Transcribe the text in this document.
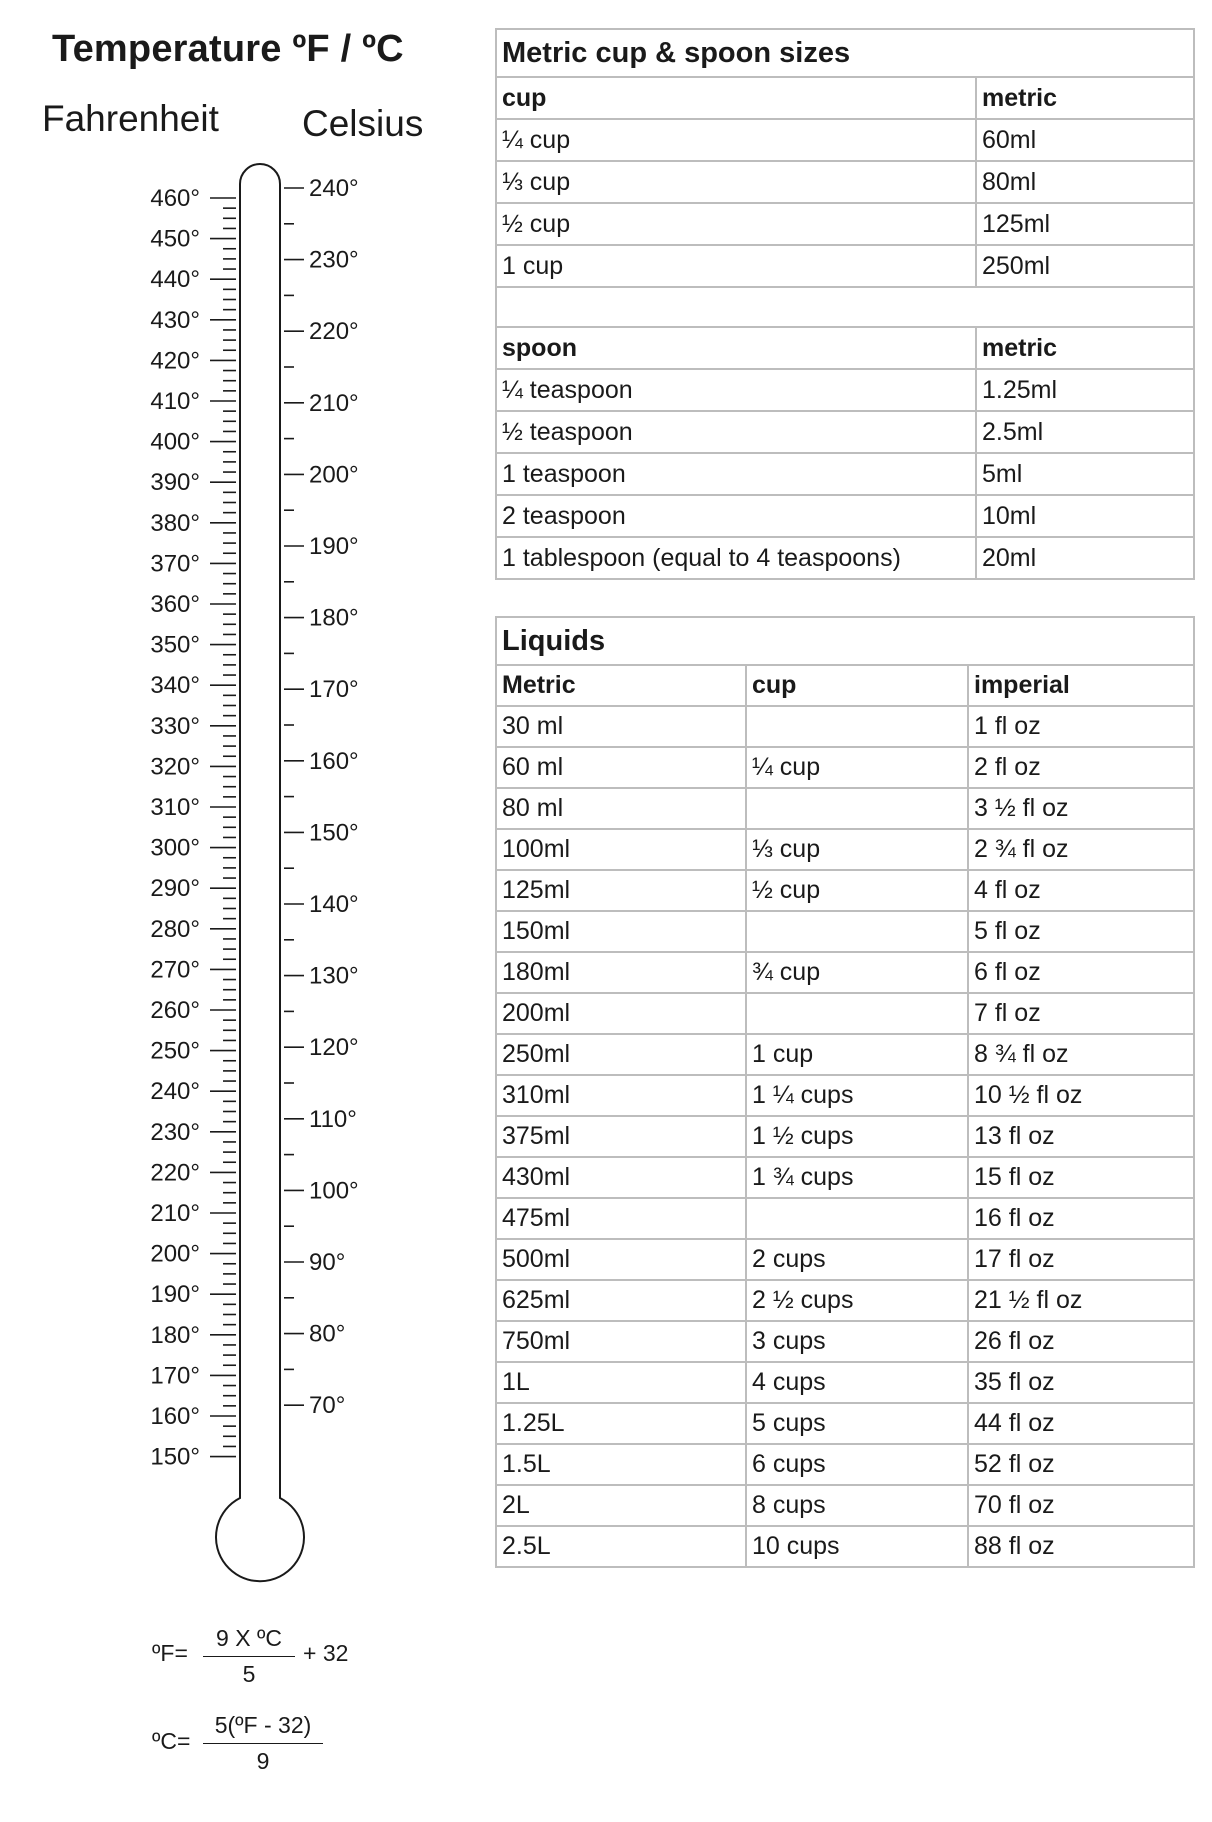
Temperature ºF / ºC
Fahrenheit Celsius
460°
450°
440°
430°
420°
410°
400°
390°
380°
370°
360°
350°
340°
330°
320°
310°
300°
290°
280°
270°
260°
250°
240°
230°
220°
210°
200°
190°
180°
170°
160°
150°
240°
230°
220°
210°
200°
190°
180°
170°
160°
150°
140°
130°
120°
110°
100°
90°
80°
70°
ºF= $\frac{\text{9 X ºC}}{5} + 32$
ºC= $\frac{\text{5(ºF - 32)}}{9}$
Metric cup & spoon sizes	
cup	metric
¼ cup	60ml
⅓ cup	80ml
½ cup	125ml
1 cup	250ml

spoon	metric
¼ teaspoon	1.25ml
½ teaspoon	2.5ml
1 teaspoon	5ml
2 teaspoon	10ml
1 tablespoon (equal to 4 teaspoons)	20ml
Liquids		
Metric	cup	imperial
30 ml		1 fl oz
60 ml	¼ cup	2 fl oz
80 ml		3 ½ fl oz
100ml	⅓ cup	2 ¾ fl oz
125ml	½ cup	4 fl oz
150ml		5 fl oz
180ml	¾ cup	6 fl oz
200ml		7 fl oz
250ml	1 cup	8 ¾ fl oz
310ml	1 ¼ cups	10 ½ fl oz
375ml	1 ½ cups	13 fl oz
430ml	1 ¾ cups	15 fl oz
475ml		16 fl oz
500ml	2 cups	17 fl oz
625ml	2 ½ cups	21 ½ fl oz
750ml	3 cups	26 fl oz
1L	4 cups	35 fl oz
1.25L	5 cups	44 fl oz
1.5L	6 cups	52 fl oz
2L	8 cups	70 fl oz
2.5L	10 cups	88 fl oz
